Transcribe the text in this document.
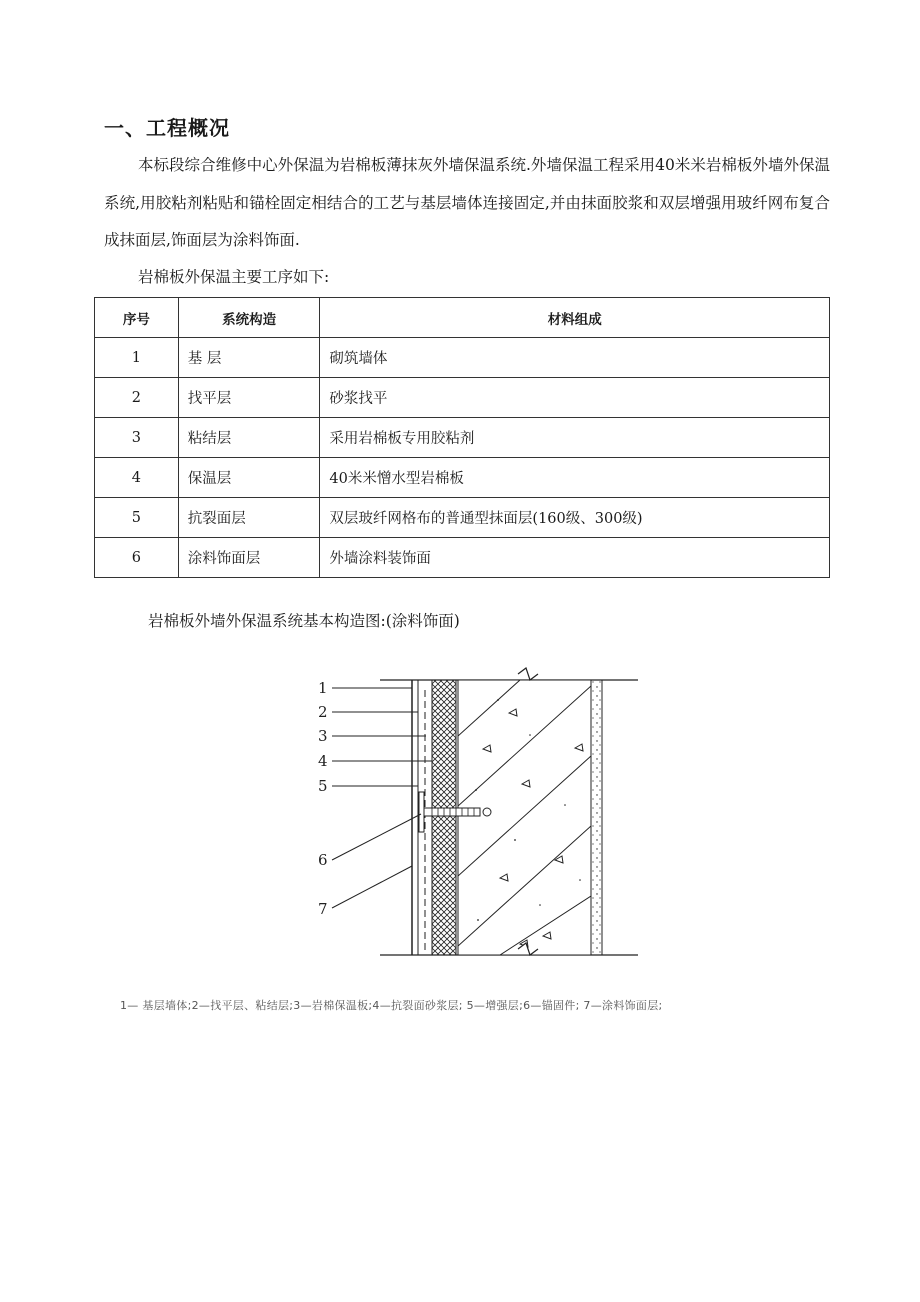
一、工程概况
本标段综合维修中心外保温为岩棉板薄抹灰外墙保温系统.外墙保温工程采用40米米岩棉板外墙外保温系统,用胶粘剂粘贴和锚栓固定相结合的工艺与基层墙体连接固定,并由抹面胶浆和双层增强用玻纤网布复合成抹面层,饰面层为涂料饰面.
岩棉板外保温主要工序如下:
序号	系统构造	材料组成
1	基 层	砌筑墙体
2	找平层	砂浆找平
3	粘结层	采用岩棉板专用胶粘剂
4	保温层	40米米憎水型岩棉板
5	抗裂面层	双层玻纤网格布的普通型抹面层(160级、300级)
6	涂料饰面层	外墙涂料装饰面
岩棉板外墙外保温系统基本构造图:(涂料饰面)
1
2
3
4
5
6
7
1— 基层墙体;2—找平层、粘结层;3—岩棉保温板;4—抗裂面砂浆层; 5—增强层;6—锚固件; 7—涂料饰面层;
